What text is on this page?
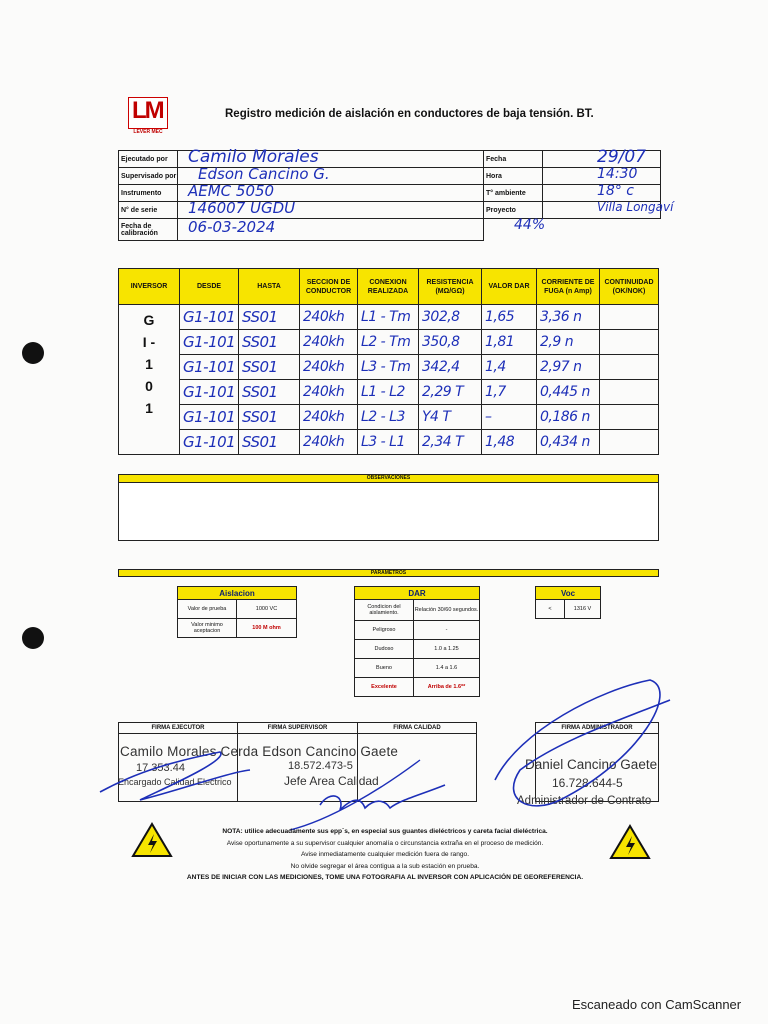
LM
LEVER MEC
Registro medición de aislación en conductores de baja tensión. BT.
Ejecutado por	Camilo Morales	Fecha	29/07

Supervisado por	Edson Cancino G.	Hora	14:30

Instrumento	AEMC 5050	T° ambiente	18° c

N° de serie	146007 UGDU	Proyecto	Villa Longaví

Fecha de calibración	06-03-2024	44%	
INVERSOR	DESDE	HASTA	SECCION DE CONDUCTOR	CONEXION REALIZADA	RESISTENCIA (MΩ/GΩ)	VALOR DAR	CORRIENTE DE FUGA (n Amp)	CONTINUIDAD (OK/NOK)

G I - 1 0 1	G1-101	SS01	240kh	L1 - Tm	302,8	1,65	3,36 n	

	G1-101	SS01	240kh	L2 - Tm	350,8	1,81	2,9 n	

	G1-101	SS01	240kh	L3 - Tm	342,4	1,4	2,97 n	

	G1-101	SS01	240kh	L1 - L2	2,29 T	1,7	0,445 n	

	G1-101	SS01	240kh	L2 - L3	Y4 T	–	0,186 n	

	G1-101	SS01	240kh	L3 - L1	2,34 T	1,48	0,434 n	

OBSERVACIONES
PARAMETROS
Aislacion	
Valor de prueba	1000 VC
Valor minimo aceptacion	100 M ohm
DAR	
Condicion del aislamiento.	Relación 30/60 segundos.
Peligroso	-
Dudoso	1.0 a 1.25
Bueno	1.4 a 1.6
Excelente	Arriba de 1.6**
Voc
<	1316 V
FIRMA EJECUTOR	FIRMA SUPERVISOR	FIRMA CALIDAD
			FIRMA ADMINISTRADOR

Camilo Morales Cerda Edson Cancino Gaete
17.353.44	18.572.473-5
Encargado Calidad Electrico	Jefe Area Calidad
Daniel Cancino Gaete
16.728.644-5
Administrador de Contrato
NOTA: utilice adecuadamente sus epp´s, en especial sus guantes dieléctricos y careta facial dieléctrica.
Avise oportunamente a su supervisor cualquier anomalía o circunstancia extraña en el proceso de medición.
Avise inmediatamente cualquier medición fuera de rango.
No olvide segregar el área contigua a la sub estación en prueba.
ANTES DE INICIAR CON LAS MEDICIONES, TOME UNA FOTOGRAFIA AL INVERSOR CON APLICACIÓN DE GEOREFERENCIA.
Escaneado con CamScanner
